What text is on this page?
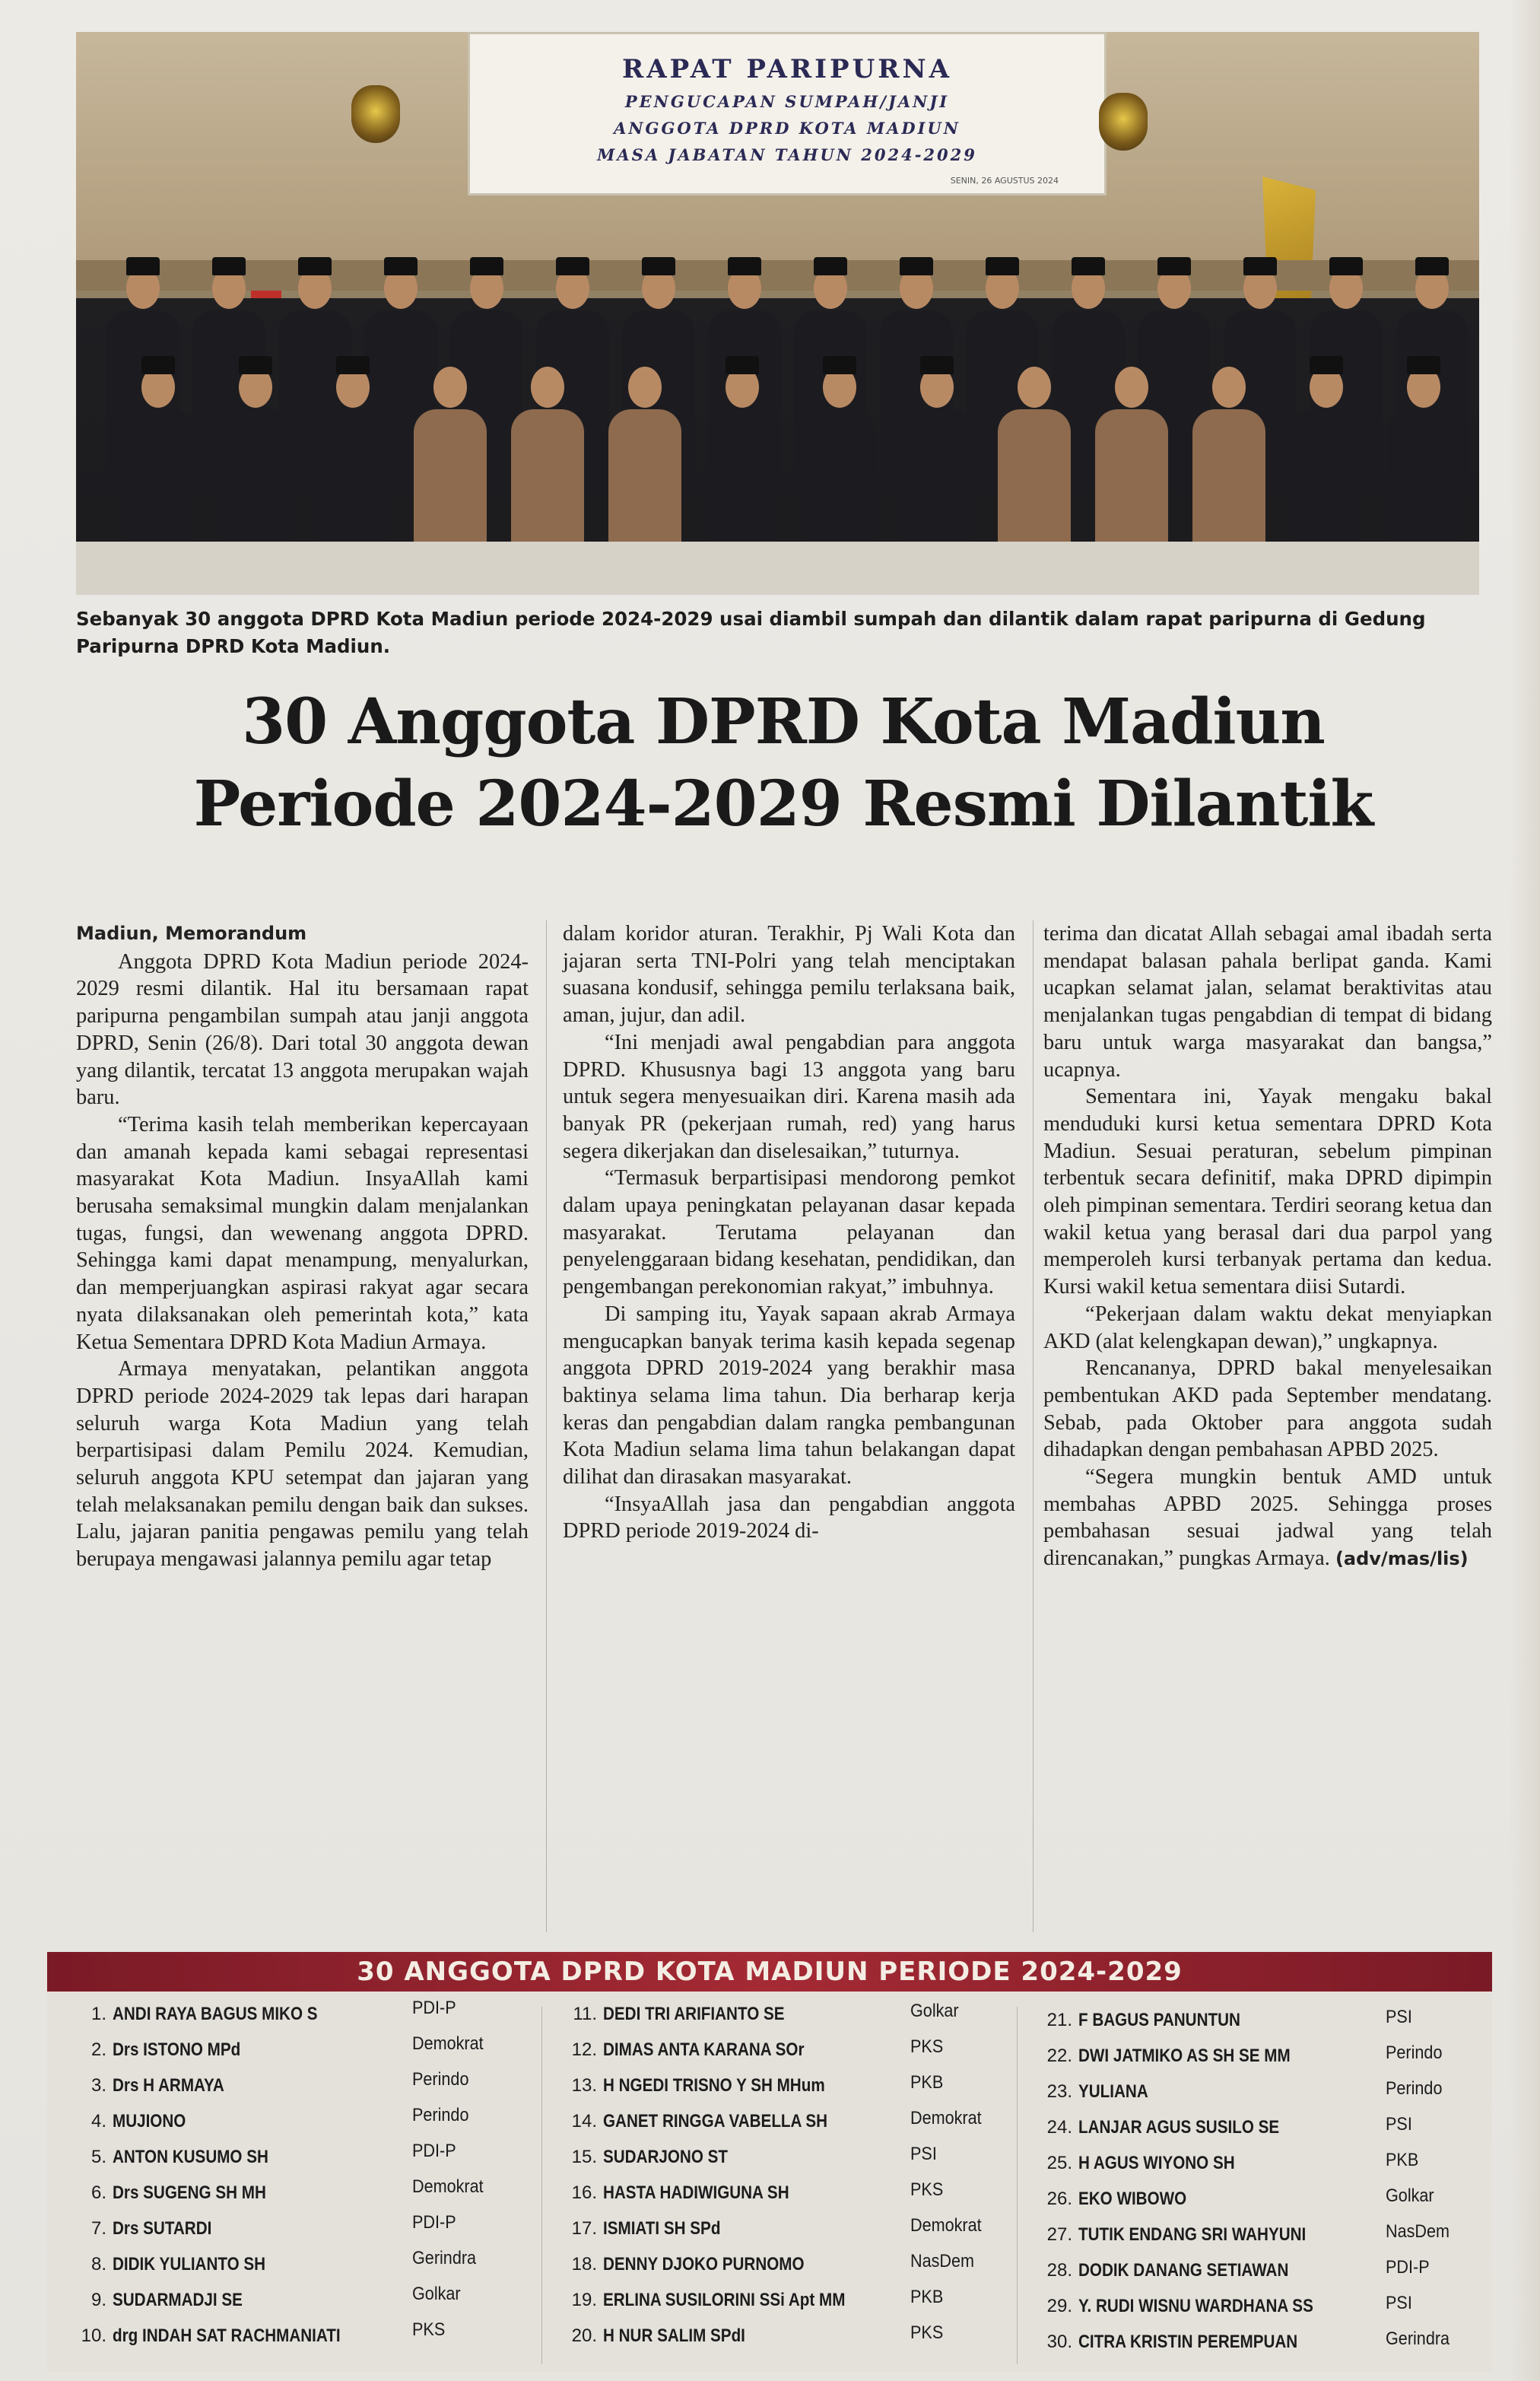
RAPAT PARIPURNA
PENGUCAPAN SUMPAH/JANJI
ANGGOTA DPRD KOTA MADIUN
MASA JABATAN TAHUN 2024-2029
SENIN, 26 AGUSTUS 2024
Sebanyak 30 anggota DPRD Kota Madiun periode 2024-2029 usai diambil sumpah dan dilantik dalam rapat paripurna di Gedung Paripurna DPRD Kota Madiun.
30 Anggota DPRD Kota Madiun
Periode 2024-2029 Resmi Dilantik
Madiun, Memorandum

Anggota DPRD Kota Madiun periode 2024-2029 resmi dilantik. Hal itu bersamaan rapat paripurna pengambilan sumpah atau janji anggota DPRD, Senin (26/8). Dari total 30 anggota dewan yang dilantik, tercatat 13 anggota merupakan wajah baru.

“Terima kasih telah memberikan kepercayaan dan amanah kepada kami sebagai representasi masyarakat Kota Madiun. InsyaAllah kami berusaha semaksimal mungkin dalam menjalankan tugas, fungsi, dan wewenang anggota DPRD. Sehingga kami dapat menampung, menyalurkan, dan memperjuangkan aspirasi rakyat agar secara nyata dilaksanakan oleh pemerintah kota,” kata Ketua Sementara DPRD Kota Madiun Armaya.

Armaya menyatakan, pelantikan anggota DPRD periode 2024-2029 tak lepas dari harapan seluruh warga Kota Madiun yang telah berpartisipasi dalam Pemilu 2024. Kemudian, seluruh anggota KPU setempat dan jajaran yang telah melaksanakan pemilu dengan baik dan sukses. Lalu, jajaran panitia pengawas pemilu yang telah berupaya mengawasi jalannya pemilu agar tetap

dalam koridor aturan. Terakhir, Pj Wali Kota dan jajaran serta TNI-Polri yang telah menciptakan suasana kondusif, sehingga pemilu terlaksana baik, aman, jujur, dan adil.

“Ini menjadi awal pengabdian para anggota DPRD. Khususnya bagi 13 anggota yang baru untuk segera menyesuaikan diri. Karena masih ada banyak PR (pekerjaan rumah, red) yang harus segera dikerjakan dan diselesaikan,” tuturnya.

“Termasuk berpartisipasi mendorong pemkot dalam upaya peningkatan pelayanan dasar kepada masyarakat. Terutama pelayanan dan penyelenggaraan bidang kesehatan, pendidikan, dan pengembangan perekonomian rakyat,” imbuhnya.

Di samping itu, Yayak sapaan akrab Armaya mengucapkan banyak terima kasih kepada segenap anggota DPRD 2019-2024 yang berakhir masa baktinya selama lima tahun. Dia berharap kerja keras dan pengabdian dalam rangka pembangunan Kota Madiun selama lima tahun belakangan dapat dilihat dan dirasakan masyarakat.

“InsyaAllah jasa dan pengabdian anggota DPRD periode 2019-2024 di-

terima dan dicatat Allah sebagai amal ibadah serta mendapat balasan pahala berlipat ganda. Kami ucapkan selamat jalan, selamat beraktivitas atau menjalankan tugas pengabdian di tempat di bidang baru untuk warga masyarakat dan bangsa,” ucapnya.

Sementara ini, Yayak mengaku bakal menduduki kursi ketua sementara DPRD Kota Madiun. Sesuai peraturan, sebelum pimpinan terbentuk secara definitif, maka DPRD dipimpin oleh pimpinan sementara. Terdiri seorang ketua dan wakil ketua yang berasal dari dua parpol yang memperoleh kursi terbanyak pertama dan kedua. Kursi wakil ketua sementara diisi Sutardi.

“Pekerjaan dalam waktu dekat menyiapkan AKD (alat kelengkapan dewan),” ungkapnya.

Rencananya, DPRD bakal menyelesaikan pembentukan AKD pada September mendatang. Sebab, pada Oktober para anggota sudah dihadapkan dengan pembahasan APBD 2025.

“Segera mungkin bentuk AMD untuk membahas APBD 2025. Sehingga proses pembahasan sesuai jadwal yang telah direncanakan,” pungkas Armaya. (adv/mas/lis)

30 ANGGOTA DPRD KOTA MADIUN PERIODE 2024-2029
1. ANDI RAYA BAGUS MIKO S	PDI-P
2. Drs ISTONO MPd	Demokrat
3. Drs H ARMAYA	Perindo
4. MUJIONO	Perindo
5. ANTON KUSUMO SH	PDI-P
6. Drs SUGENG SH MH	Demokrat
7. Drs SUTARDI	PDI-P
8. DIDIK YULIANTO SH	Gerindra
9. SUDARMADJI SE	Golkar
10. drg INDAH SAT RACHMANIATI	PKS
11. DEDI TRI ARIFIANTO SE	Golkar
12. DIMAS ANTA KARANA SOr	PKS
13. H NGEDI TRISNO Y SH MHum	PKB
14. GANET RINGGA VABELLA SH	Demokrat
15. SUDARJONO ST	PSI
16. HASTA HADIWIGUNA SH	PKS
17. ISMIATI SH SPd	Demokrat
18. DENNY DJOKO PURNOMO	NasDem
19. ERLINA SUSILORINI SSi Apt MM	PKB
20. H NUR SALIM SPdI	PKS
21. F BAGUS PANUNTUN	PSI
22. DWI JATMIKO AS SH SE MM	Perindo
23. YULIANA	Perindo
24. LANJAR AGUS SUSILO SE	PSI
25. H AGUS WIYONO SH	PKB
26. EKO WIBOWO	Golkar
27. TUTIK ENDANG SRI WAHYUNI	NasDem
28. DODIK DANANG SETIAWAN	PDI-P
29. Y. RUDI WISNU WARDHANA SS	PSI
30. CITRA KRISTIN PEREMPUAN	Gerindra
